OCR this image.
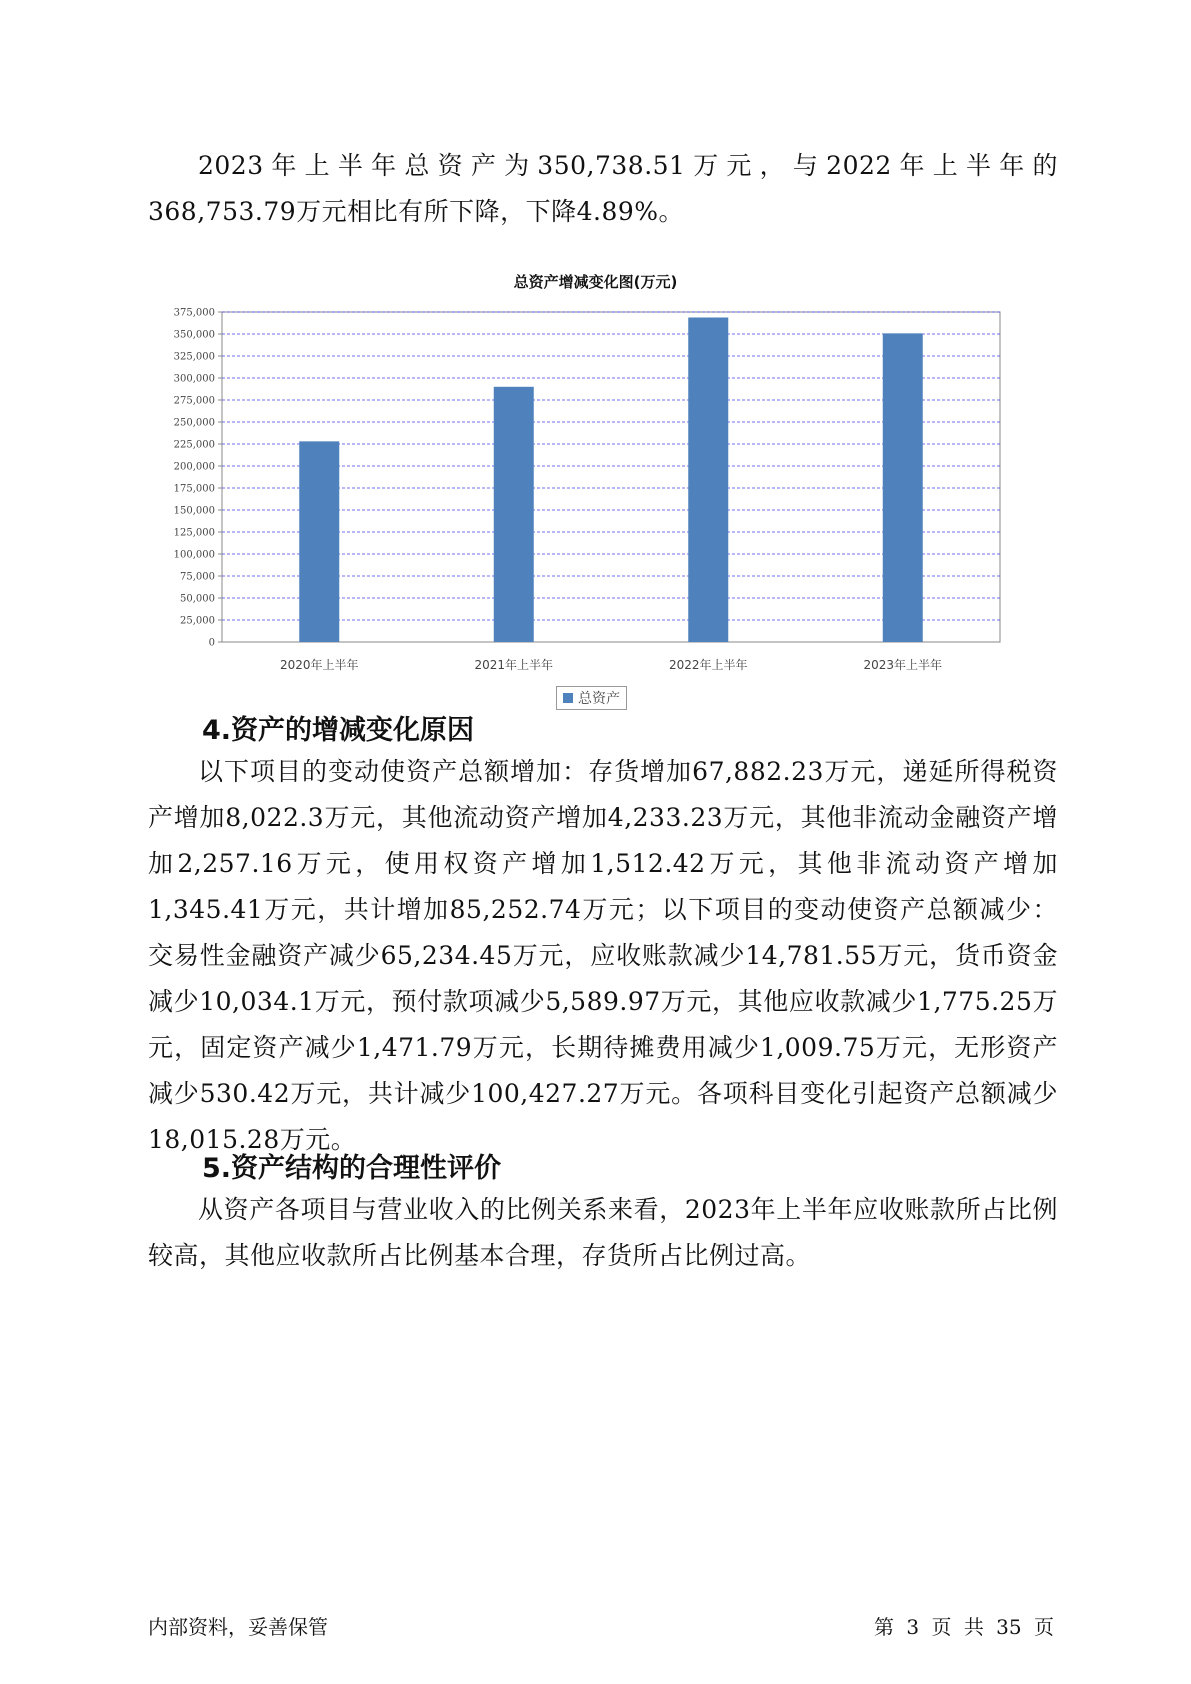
2023年上半年总资产为350,738.51万元，与2022年上半年的368,753.79万元相比有所下降，下降4.89%。

总资产增减变化图(万元)
0
25,000
50,000
75,000
100,000
125,000
150,000
175,000
200,000
225,000
250,000
275,000
300,000
325,000
350,000
375,000
2020年上半年	2021年上半年	2022年上半年	2023年上半年
总资产
4.资产的增减变化原因

以下项目的变动使资产总额增加：存货增加67,882.23万元，递延所得税资产增加8,022.3万元，其他流动资产增加4,233.23万元，其他非流动金融资产增加2,257.16万元，使用权资产增加1,512.42万元，其他非流动资产增加1,345.41万元，共计增加85,252.74万元；以下项目的变动使资产总额减少：交易性金融资产减少65,234.45万元，应收账款减少14,781.55万元，货币资金减少10,034.1万元，预付款项减少5,589.97万元，其他应收款减少1,775.25万元，固定资产减少1,471.79万元，长期待摊费用减少1,009.75万元，无形资产减少530.42万元，共计减少100,427.27万元。各项科目变化引起资产总额减少18,015.28万元。

5.资产结构的合理性评价

从资产各项目与营业收入的比例关系来看，2023年上半年应收账款所占比例较高，其他应收款所占比例基本合理，存货所占比例过高。

内部资料，妥善保管	第 3 页 共 35 页
